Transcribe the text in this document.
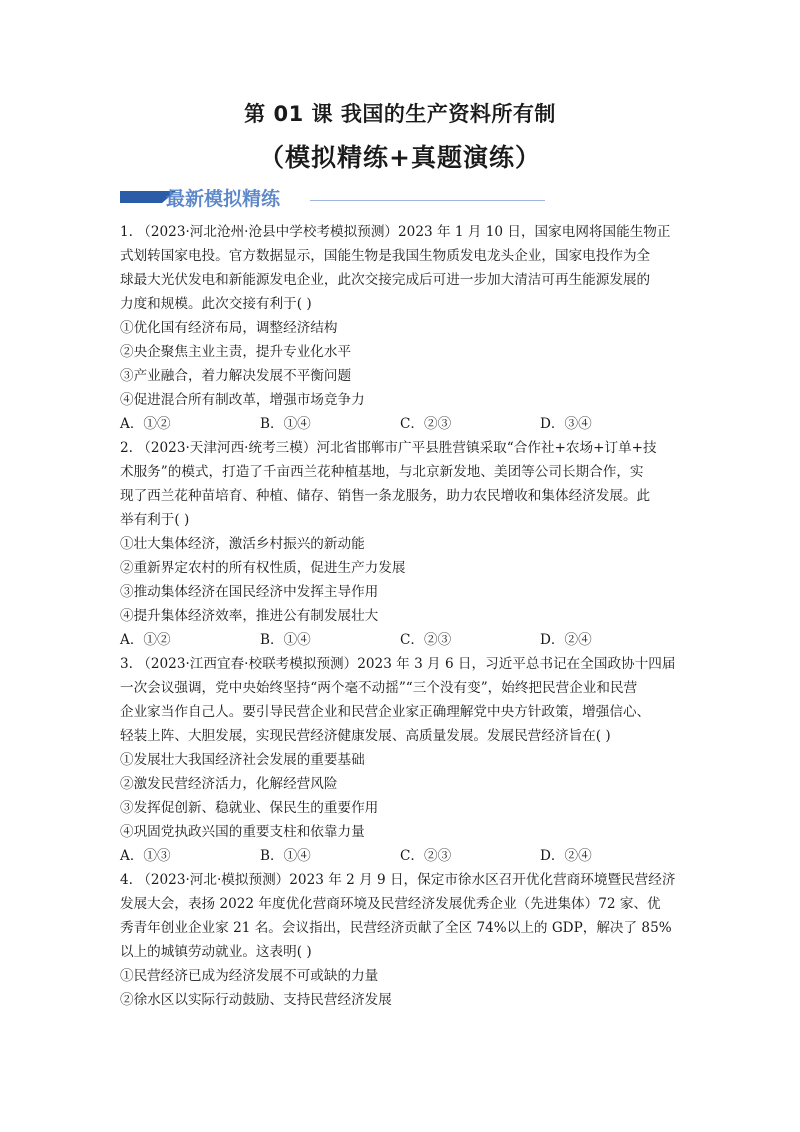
第 01 课 我国的生产资料所有制
（模拟精练+真题演练）
最新模拟精练
1. （2023·河北沧州·沧县中学校考模拟预测）2023 年 1 月 10 日，国家电网将国能生物正
式划转国家电投。官方数据显示，国能生物是我国生物质发电龙头企业，国家电投作为全
球最大光伏发电和新能源发电企业，此次交接完成后可进一步加大清洁可再生能源发展的
力度和规模。此次交接有利于( )
①优化国有经济布局，调整经济结构
②央企聚焦主业主责，提升专业化水平
③产业融合，着力解决发展不平衡问题
④促进混合所有制改革，增强市场竞争力
A．①②	B．①④	C．②③	D．③④
2. （2023·天津河西·统考三模）河北省邯郸市广平县胜营镇采取“合作社+农场+订单+技
术服务”的模式，打造了千亩西兰花种植基地，与北京新发地、美团等公司长期合作，实
现了西兰花种苗培育、种植、储存、销售一条龙服务，助力农民增收和集体经济发展。此
举有利于( )
①壮大集体经济，激活乡村振兴的新动能
②重新界定农村的所有权性质，促进生产力发展
③推动集体经济在国民经济中发挥主导作用
④提升集体经济效率，推进公有制发展壮大
A．①②	B．①④	C．②③	D．②④
3. （2023·江西宜春·校联考模拟预测）2023 年 3 月 6 日，习近平总书记在全国政协十四届
一次会议强调，党中央始终坚持“两个毫不动摇”“三个没有变”，始终把民营企业和民营
企业家当作自己人。要引导民营企业和民营企业家正确理解党中央方针政策，增强信心、
轻装上阵、大胆发展，实现民营经济健康发展、高质量发展。发展民营经济旨在( )
①发展壮大我国经济社会发展的重要基础
②激发民营经济活力，化解经营风险
③发挥促创新、稳就业、保民生的重要作用
④巩固党执政兴国的重要支柱和依靠力量
A．①③	B．①④	C．②③	D．②④
4. （2023·河北·模拟预测）2023 年 2 月 9 日，保定市徐水区召开优化营商环境暨民营经济
发展大会，表扬 2022 年度优化营商环境及民营经济发展优秀企业（先进集体）72 家、优
秀青年创业企业家 21 名。会议指出，民营经济贡献了全区 74%以上的 GDP，解决了 85%
以上的城镇劳动就业。这表明( )
①民营经济已成为经济发展不可或缺的力量
②徐水区以实际行动鼓励、支持民营经济发展
